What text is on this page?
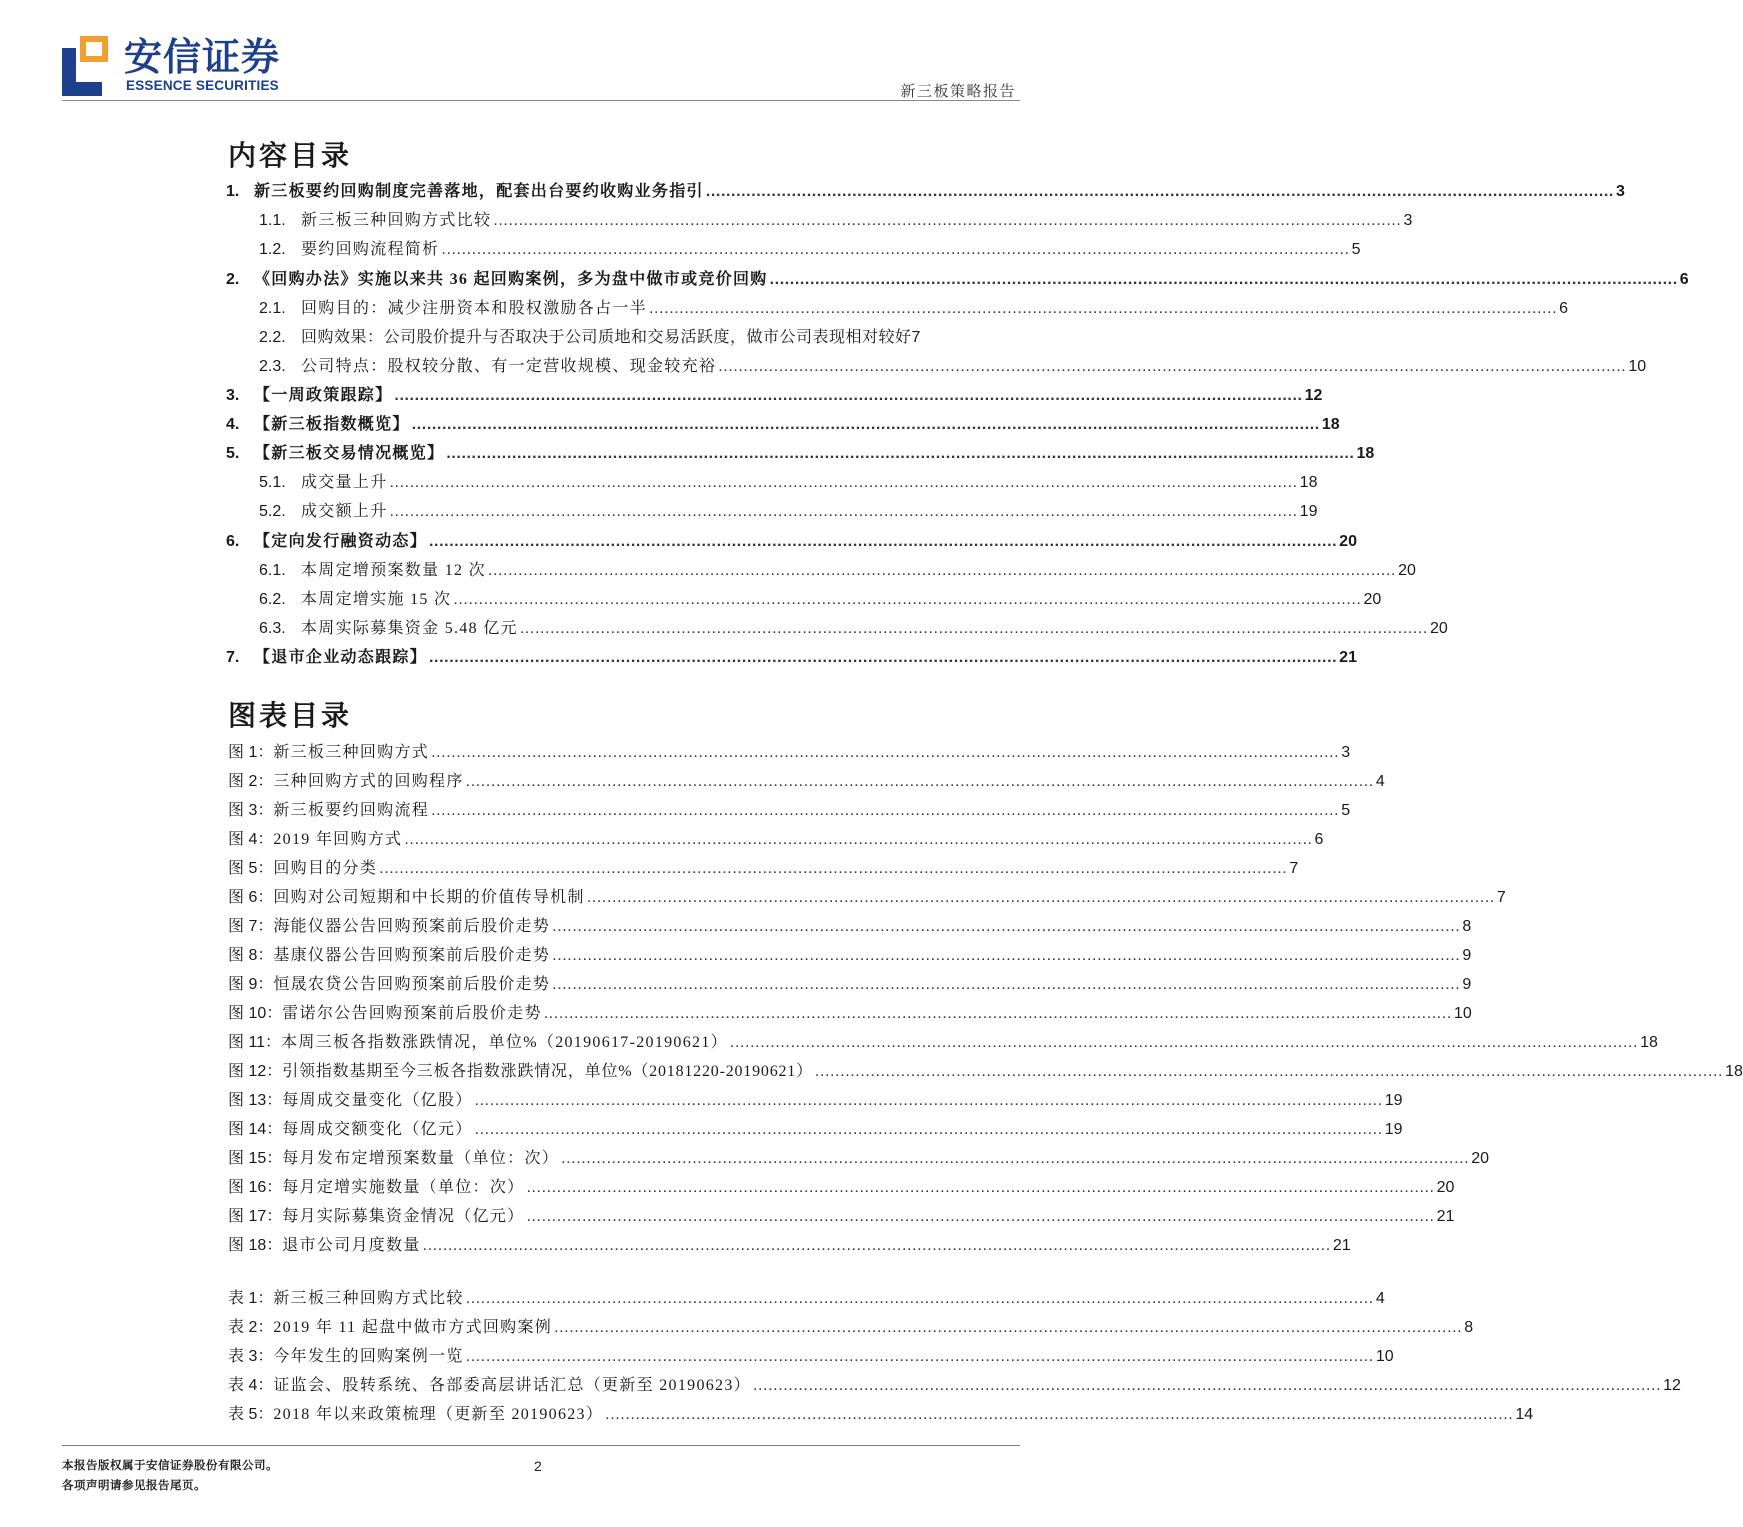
安信证券
ESSENCE SECURITIES	新三板策略报告
内容目录
1. 新三板要约回购制度完善落地，配套出台要约收购业务指引 .................................................................................................................................................................................... 3
1.1. 新三板三种回购方式比较 .................................................................................................................................................................................... 3
1.2. 要约回购流程简析 .................................................................................................................................................................................... 5
2. 《回购办法》实施以来共 36 起回购案例，多为盘中做市或竞价回购 .................................................................................................................................................................................... 6
2.1. 回购目的：减少注册资本和股权激励各占一半 .................................................................................................................................................................................... 6
2.2. 回购效果：公司股价提升与否取决于公司质地和交易活跃度，做市公司表现相对较好 7
2.3. 公司特点：股权较分散、有一定营收规模、现金较充裕 .................................................................................................................................................................................... 10
3. 【一周政策跟踪】 .................................................................................................................................................................................... 12
4. 【新三板指数概览】 .................................................................................................................................................................................... 18
5. 【新三板交易情况概览】 .................................................................................................................................................................................... 18
5.1. 成交量上升 .................................................................................................................................................................................... 18
5.2. 成交额上升 .................................................................................................................................................................................... 19
6. 【定向发行融资动态】 .................................................................................................................................................................................... 20
6.1. 本周定增预案数量 12 次 .................................................................................................................................................................................... 20
6.2. 本周定增实施 15 次 .................................................................................................................................................................................... 20
6.3. 本周实际募集资金 5.48 亿元 .................................................................................................................................................................................... 20
7. 【退市企业动态跟踪】 .................................................................................................................................................................................... 21
图表目录
图 1： 新三板三种回购方式 .................................................................................................................................................................................... 3
图 2： 三种回购方式的回购程序 .................................................................................................................................................................................... 4
图 3： 新三板要约回购流程 .................................................................................................................................................................................... 5
图 4： 2019 年回购方式 .................................................................................................................................................................................... 6
图 5： 回购目的分类 .................................................................................................................................................................................... 7
图 6： 回购对公司短期和中长期的价值传导机制 .................................................................................................................................................................................... 7
图 7： 海能仪器公告回购预案前后股价走势 .................................................................................................................................................................................... 8
图 8： 基康仪器公告回购预案前后股价走势 .................................................................................................................................................................................... 9
图 9： 恒晟农贷公告回购预案前后股价走势 .................................................................................................................................................................................... 9
图 10： 雷诺尔公告回购预案前后股价走势 .................................................................................................................................................................................... 10
图 11： 本周三板各指数涨跌情况，单位%（20190617-20190621） .................................................................................................................................................................................... 18
图 12： 引领指数基期至今三板各指数涨跌情况，单位%（20181220-20190621） .................................................................................................................................................................................... 18
图 13： 每周成交量变化（亿股） .................................................................................................................................................................................... 19
图 14： 每周成交额变化（亿元） .................................................................................................................................................................................... 19
图 15： 每月发布定增预案数量（单位：次） .................................................................................................................................................................................... 20
图 16： 每月定增实施数量（单位：次） .................................................................................................................................................................................... 20
图 17： 每月实际募集资金情况（亿元） .................................................................................................................................................................................... 21
图 18： 退市公司月度数量 .................................................................................................................................................................................... 21
表 1： 新三板三种回购方式比较 .................................................................................................................................................................................... 4
表 2： 2019 年 11 起盘中做市方式回购案例 .................................................................................................................................................................................... 8
表 3： 今年发生的回购案例一览 .................................................................................................................................................................................... 10
表 4： 证监会、股转系统、各部委高层讲话汇总（更新至 20190623） .................................................................................................................................................................................... 12
表 5： 2018 年以来政策梳理（更新至 20190623） .................................................................................................................................................................................... 14
本报告版权属于安信证券股份有限公司。
各项声明请参见报告尾页。
2
